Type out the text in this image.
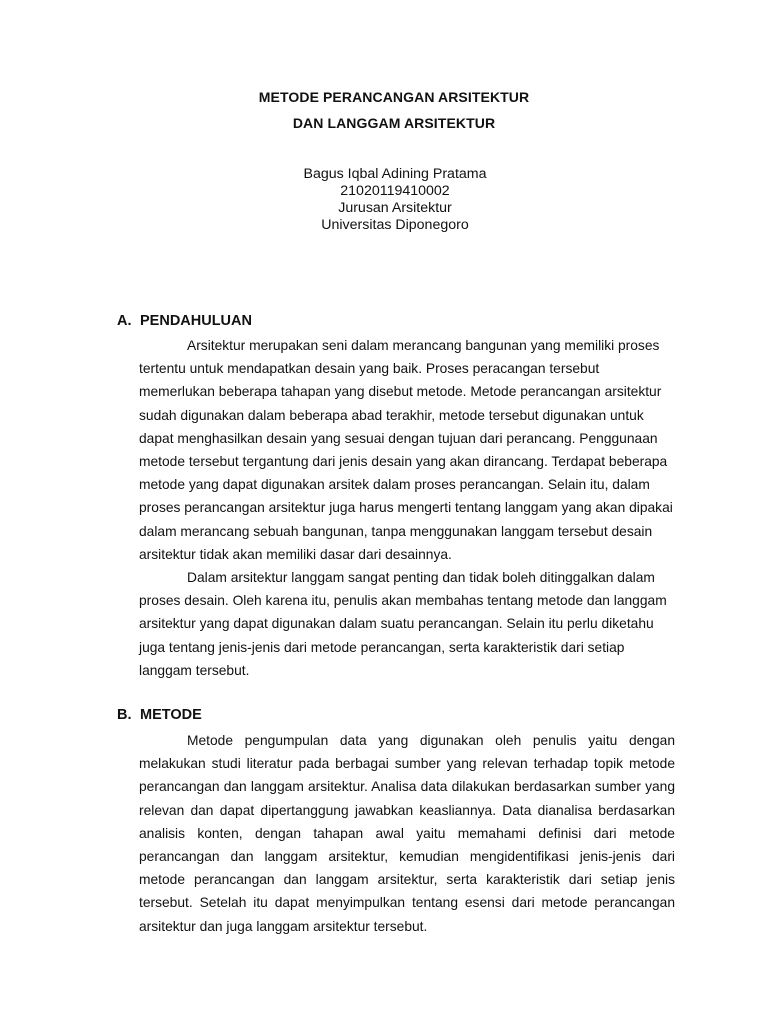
METODE PERANCANGAN ARSITEKTUR
DAN LANGGAM ARSITEKTUR
Bagus Iqbal Adining Pratama
21020119410002
Jurusan Arsitektur
Universitas Diponegoro
A. PENDAHULUAN

Arsitektur merupakan seni dalam merancang bangunan yang memiliki proses tertentu untuk mendapatkan desain yang baik. Proses peracangan tersebut memerlukan beberapa tahapan yang disebut metode. Metode perancangan arsitektur sudah digunakan dalam beberapa abad terakhir, metode tersebut digunakan untuk dapat menghasilkan desain yang sesuai dengan tujuan dari perancang. Penggunaan metode tersebut tergantung dari jenis desain yang akan dirancang. Terdapat beberapa metode yang dapat digunakan arsitek dalam proses perancangan. Selain itu, dalam proses perancangan arsitektur juga harus mengerti tentang langgam yang akan dipakai dalam merancang sebuah bangunan, tanpa menggunakan langgam tersebut desain arsitektur tidak akan memiliki dasar dari desainnya.

Dalam arsitektur langgam sangat penting dan tidak boleh ditinggalkan dalam proses desain. Oleh karena itu, penulis akan membahas tentang metode dan langgam arsitektur yang dapat digunakan dalam suatu perancangan. Selain itu perlu diketahu juga tentang jenis-jenis dari metode perancangan, serta karakteristik dari setiap langgam tersebut.

B. METODE

Metode pengumpulan data yang digunakan oleh penulis yaitu dengan melakukan studi literatur pada berbagai sumber yang relevan terhadap topik metode perancangan dan langgam arsitektur. Analisa data dilakukan berdasarkan sumber yang relevan dan dapat dipertanggung jawabkan keasliannya. Data dianalisa berdasarkan analisis konten, dengan tahapan awal yaitu memahami definisi dari metode perancangan dan langgam arsitektur, kemudian mengidentifikasi jenis-jenis dari metode perancangan dan langgam arsitektur, serta karakteristik dari setiap jenis tersebut. Setelah itu dapat menyimpulkan tentang esensi dari metode perancangan arsitektur dan juga langgam arsitektur tersebut.
